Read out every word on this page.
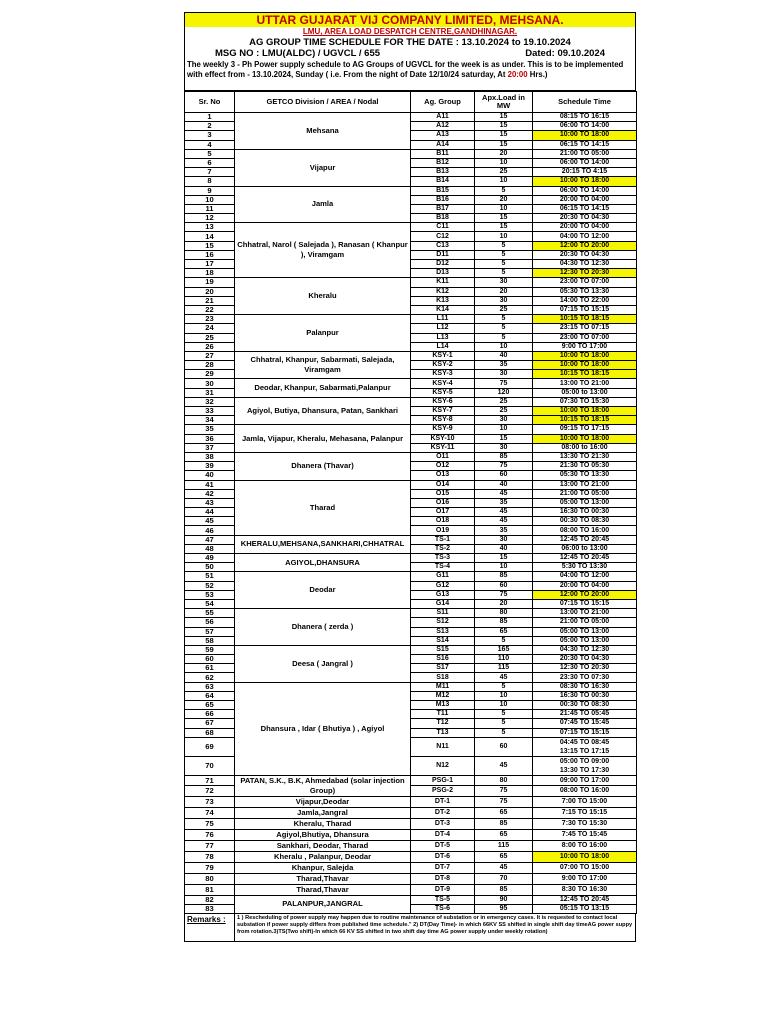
UTTAR GUJARAT VIJ COMPANY LIMITED, MEHSANA.
LMU, AREA LOAD DESPATCH CENTRE,GANDHINAGAR.
AG GROUP TIME SCHEDULE FOR THE DATE : 13.10.2024 to 19.10.2024
MSG NO : LMU(ALDC) / UGVCL / 655	Dated: 09.10.2024
The weekly 3 - Ph Power supply schedule to AG Groups of UGVCL for the week is as under. This is to be implemented with effect from - 13.10.2024, Sunday ( i.e. From the night of Date 12/10/24 saturday, At 20:00 Hrs.)
Sr. No	GETCO Division / AREA / Nodal	Ag. Group	Apx.Load in MW	Schedule Time
1	Mehsana	A11	15	08:15 TO 16:15
2		A12	15	06:00 TO 14:00
3		A13	15	10:00 TO 18:00
4		A14	15	06:15 TO 14:15
5	Vijapur	B11	20	21:00 TO 05:00
6		B12	10	06:00 TO 14:00
7		B13	25	20:15 TO 4:15
8		B14	10	10:00 TO 18:00
9	Jamla	B15	5	06:00 TO 14:00
10		B16	20	20:00 TO 04:00
11		B17	10	06:15 TO 14:15
12		B18	15	20:30 TO 04:30
13	Chhatral, Narol ( Salejada ), Ranasan ( Khanpur ), Viramgam	C11	15	20:00 TO 04:00
14		C12	10	04:00 TO 12:00
15		C13	5	12:00 TO 20:00
16		D11	5	20:30 TO 04:30
17		D12	5	04:30 TO 12:30
18		D13	5	12:30 TO 20:30
19	Kheralu	K11	30	23:00 TO 07:00
20		K12	20	05:30 TO 13:30
21		K13	30	14:00 TO 22:00
22		K14	25	07:15 TO 15:15
23	Palanpur	L11	5	10:15 TO 18:15
24		L12	5	23:15 TO 07:15
25		L13	5	23:00 TO 07:00
26		L14	10	9:00 TO 17:00
27	Chhatral, Khanpur, Sabarmati, Salejada, Viramgam	KSY-1	40	10:00 TO 18:00
28		KSY-2	35	10:00 TO 18:00
29		KSY-3	30	10:15 TO 18:15
30	Deodar, Khanpur, Sabarmati,Palanpur	KSY-4	75	13:00 TO 21:00
31		KSY-5	120	05:00 to 13:00
32	Agiyol, Butiya, Dhansura, Patan, Sankhari	KSY-6	25	07:30 TO 15:30
33		KSY-7	25	10:00 TO 18:00
34		KSY-8	30	10:15 TO 18:15
35	Jamla, Vijapur, Kheralu, Mehasana, Palanpur	KSY-9	10	09:15 TO 17:15
36		KSY-10	15	10:00 TO 18:00
37		KSY-11	30	08:00 to 16:00
38	Dhanera (Thavar)	O11	85	13:30 TO 21:30
39		O12	75	21:30 TO 05:30
40		O13	60	05:30 TO 13:30
41	Tharad	O14	40	13:00 TO 21:00
42		O15	45	21:00 TO 05:00
43		O16	35	05:00 TO 13:00
44		O17	45	16:30 TO 00:30
45		O18	45	00:30 TO 08:30
46		O19	35	08:00 TO 16:00
47	KHERALU,MEHSANA,SANKHARI,CHHATRAL	TS-1	30	12:45 TO 20:45
48		TS-2	40	06:00 to 13:00
49	AGIYOL,DHANSURA	TS-3	15	12:45 TO 20:45
50		TS-4	10	5:30 TO 13:30
51	Deodar	G11	85	04:00 TO 12:00
52		G12	60	20:00 TO 04:00
53		G13	75	12:00 TO 20:00
54		G14	20	07:15 TO 15:15
55	Dhanera ( zerda )	S11	80	13:00 TO 21:00
56		S12	85	21:00 TO 05:00
57		S13	65	05:00 TO 13:00
58		S14	5	05:00 TO 13:00
59	Deesa ( Jangral )	S15	165	04:30 TO 12:30
60		S16	110	20:30 TO 04:30
61		S17	115	12:30 TO 20:30
62		S18	45	23:30 TO 07:30
63	Dhansura , Idar ( Bhutiya ) , Agiyol	M11	5	08:30 TO 16:30
64		M12	10	16:30 TO 00:30
65		M13	10	00:30 TO 08:30
66		T11	5	21:45 TO 05:45
67		T12	5	07:45 TO 15:45
68		T13	5	07:15 TO 15:15
69		N11	60	04:45 TO 08:45
13:15 TO 17:15
70		N12	45	05:00 TO 09:00
13:30 TO 17:30
71	PATAN, S.K., B.K, Ahmedabad (solar injection Group)	PSG-1	80	09:00 TO 17:00
72		PSG-2	75	08:00 TO 16:00
73	Vijapur,Deodar	DT-1	75	7:00 TO 15:00
74	Jamla,Jangral	DT-2	65	7:15 TO 15:15
75	Kheralu, Tharad	DT-3	85	7:30 TO 15:30
76	Agiyol,Bhutiya, Dhansura	DT-4	65	7:45 TO 15:45
77	Sankhari, Deodar, Tharad	DT-5	115	8:00 TO 16:00
78	Kheralu , Palanpur, Deodar	DT-6	65	10:00 TO 18:00
79	Khanpur, Salejda	DT-7	45	07:00 TO 15:00
80	Tharad,Thavar	DT-8	70	9:00 TO 17:00
81	Tharad,Thavar	DT-9	85	8:30 TO 16:30
82	PALANPUR,JANGRAL	TS-5	90	12:45 TO 20:45
83		TS-6	95	05:15 TO 13:15
Remarks :	1 ) Rescheduling of power supply may happen due to routine maintenance of substation or in emergency cases. It is requested to contact local substation if power supply differs from published time schedule." 2) DT(Day Time)- in which 66KV SS shifted in single shift day timeAG power suppy from rotation.3)TS(Two shift)-In which 66 KV SS shifted in two shift day time AG power supply under weekly rotation)
